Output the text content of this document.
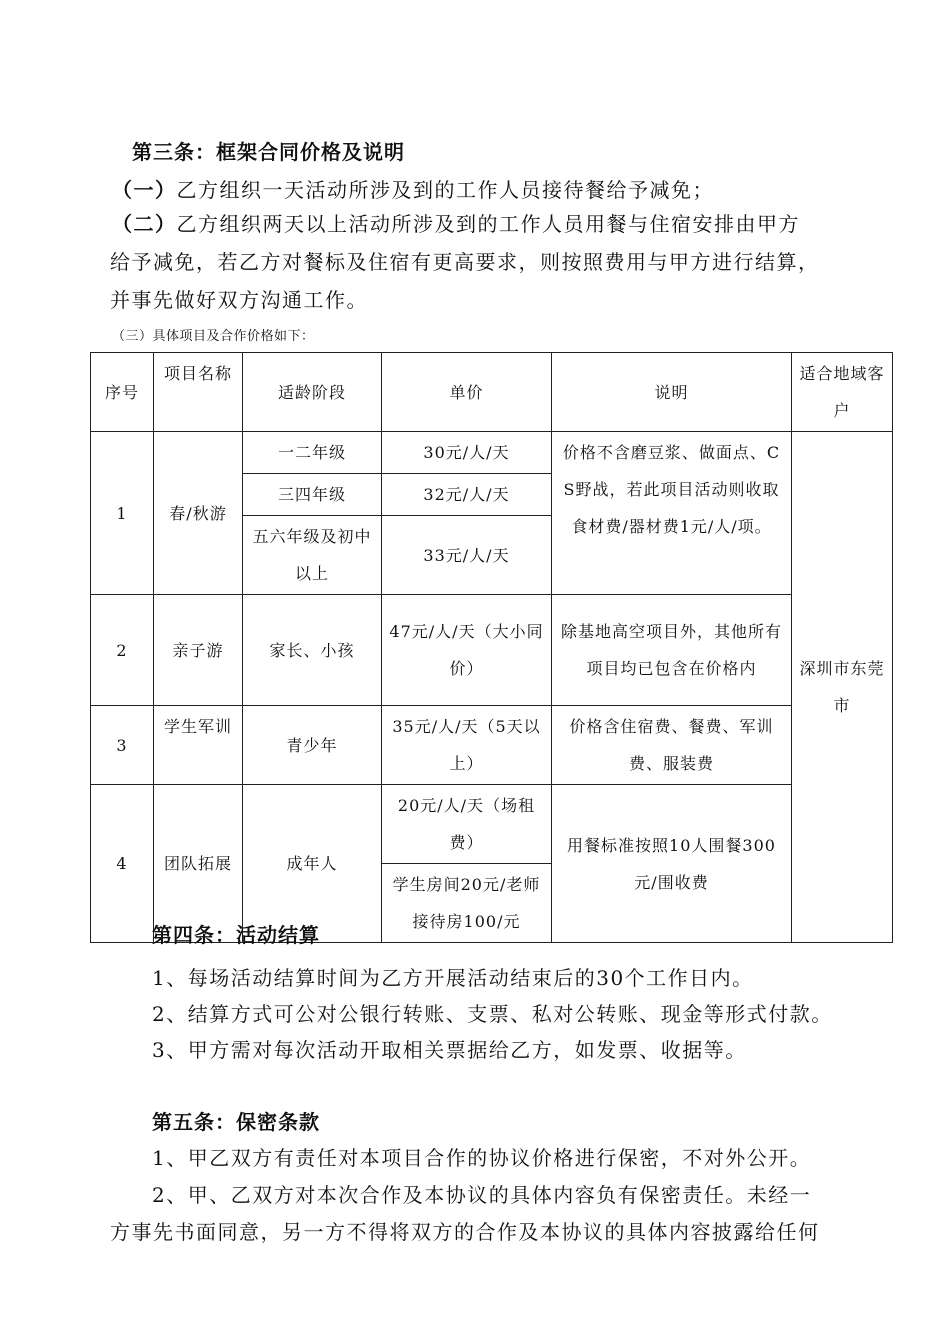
第三条：框架合同价格及说明
（一）乙方组织一天活动所涉及到的工作人员接待餐给予减免；
（二）乙方组织两天以上活动所涉及到的工作人员用餐与住宿安排由甲方
给予减免，若乙方对餐标及住宿有更高要求，则按照费用与甲方进行结算，
并事先做好双方沟通工作。
（三）具体项目及合作价格如下：
序号	项目名称	适龄阶段	单价	说明	适合地域客户
1	春/秋游	一二年级	30元/人/天	价格不含磨豆浆、做面点、CS野战，若此项目活动则收取食材费/器材费1元/人/项。	深圳市东莞市
		三四年级	32元/人/天		
		五六年级及初中以上	33元/人/天		
2	亲子游	家长、小孩	47元/人/天（大小同价）	除基地高空项目外，其他所有项目均已包含在价格内	
3	学生军训	青少年	35元/人/天（5天以上）	价格含住宿费、餐费、军训费、服装费	
4	团队拓展	成年人	20元/人/天（场租费）	用餐标准按照10人围餐300元/围收费	
			学生房间20元/老师接待房100/元		
第四条：活动结算
1、每场活动结算时间为乙方开展活动结束后的30个工作日内。
2、结算方式可公对公银行转账、支票、私对公转账、现金等形式付款。
3、甲方需对每次活动开取相关票据给乙方，如发票、收据等。
第五条：保密条款
1、甲乙双方有责任对本项目合作的协议价格进行保密，不对外公开。
2、甲、乙双方对本次合作及本协议的具体内容负有保密责任。未经一
方事先书面同意，另一方不得将双方的合作及本协议的具体内容披露给任何
